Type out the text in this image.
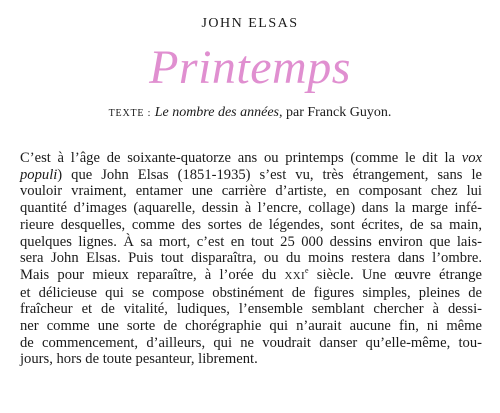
JOHN ELSAS
Printemps
TEXTE : Le nombre des années, par Franck Guyon.
C’est à l’âge de soixante-quatorze ans ou printemps (comme le dit la vox
populi) que John Elsas (1851-1935) s’est vu, très étrangement, sans le
vouloir vraiment, entamer une carrière d’artiste, en composant chez lui
quantité d’images (aquarelle, dessin à l’encre, collage) dans la marge infé-
rieure desquelles, comme des sortes de légendes, sont écrites, de sa main,
quelques lignes. À sa mort, c’est en tout 25 000 dessins environ que lais-
sera John Elsas. Puis tout disparaîtra, ou du moins restera dans l’ombre.
Mais pour mieux reparaître, à l’orée du XXIe siècle. Une œuvre étrange
et délicieuse qui se compose obstinément de figures simples, pleines de
fraîcheur et de vitalité, ludiques, l’ensemble semblant chercher à dessi-
ner comme une sorte de chorégraphie qui n’aurait aucune fin, ni même
de commencement, d’ailleurs, qui ne voudrait danser qu’elle-même, tou-
jours, hors de toute pesanteur, librement.
